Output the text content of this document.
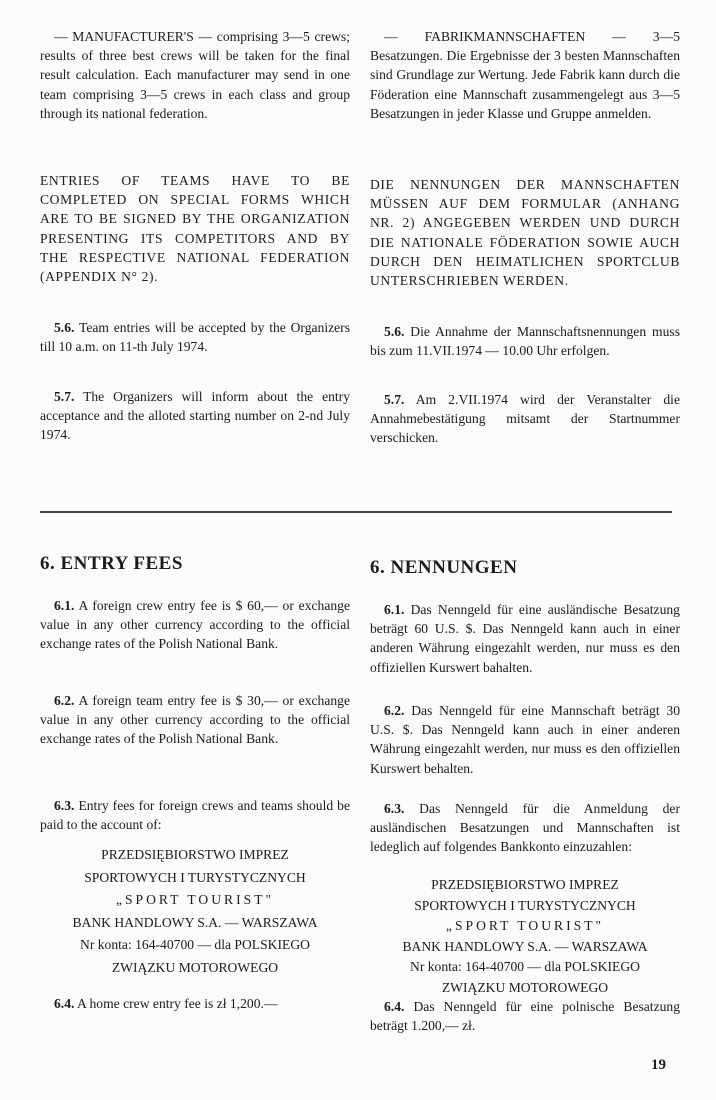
— MANUFACTURER'S — comprising 3—5 crews; results of three best crews will be taken for the final result calculation. Each manufacturer may send in one team comprising 3—5 crews in each class and group through its national federation.

ENTRIES OF TEAMS HAVE TO BE COMPLETED ON SPECIAL FORMS WHICH ARE TO BE SIGNED BY THE ORGANIZATION PRESENTING ITS COMPETITORS AND BY THE RESPECTIVE NATIONAL FEDERATION (APPENDIX N° 2).

5.6. Team entries will be accepted by the Organizers till 10 a.m. on 11-th July 1974.

5.7. The Organizers will inform about the entry acceptance and the alloted starting number on 2-nd July 1974.

— FABRIKMANNSCHAFTEN — 3—5 Besatzungen. Die Ergebnisse der 3 besten Mannschaften sind Grundlage zur Wertung. Jede Fabrik kann durch die Föderation eine Mannschaft zusammengelegt aus 3—5 Besatzungen in jeder Klasse und Gruppe anmelden.

DIE NENNUNGEN DER MANNSCHAFTEN MÜSSEN AUF DEM FORMULAR (ANHANG NR. 2) ANGEGEBEN WERDEN UND DURCH DIE NATIONALE FÖDERATION SOWIE AUCH DURCH DEN HEIMATLICHEN SPORTCLUB UNTERSCHRIEBEN WERDEN.

5.6. Die Annahme der Mannschaftsnennungen muss bis zum 11.VII.1974 — 10.00 Uhr erfolgen.

5.7. Am 2.VII.1974 wird der Veranstalter die Annahmebestätigung mitsamt der Startnummer verschicken.

6. ENTRY FEES

6.1. A foreign crew entry fee is $ 60,— or exchange value in any other currency according to the official exchange rates of the Polish National Bank.

6.2. A foreign team entry fee is $ 30,— or exchange value in any other currency according to the official exchange rates of the Polish National Bank.

6.3. Entry fees for foreign crews and teams should be paid to the account of:

PRZEDSIĘBIORSTWO IMPREZ
SPORTOWYCH I TURYSTYCZNYCH
„SPORT TOURIST"
BANK HANDLOWY S.A. — WARSZAWA
Nr konta: 164-40700 — dla POLSKIEGO
ZWIĄZKU MOTOROWEGO

6.4. A home crew entry fee is zł 1,200.—

6. NENNUNGEN

6.1. Das Nenngeld für eine ausländische Besatzung beträgt 60 U.S. $. Das Nenngeld kann auch in einer anderen Währung eingezahlt werden, nur muss es den offiziellen Kurswert bahalten.

6.2. Das Nenngeld für eine Mannschaft beträgt 30 U.S. $. Das Nenngeld kann auch in einer anderen Währung eingezahlt werden, nur muss es den offiziellen Kurswert behalten.

6.3. Das Nenngeld für die Anmeldung der ausländischen Besatzungen und Mannschaften ist ledeglich auf folgendes Bankkonto einzuzahlen:

PRZEDSIĘBIORSTWO IMPREZ
SPORTOWYCH I TURYSTYCZNYCH
„SPORT TOURIST"
BANK HANDLOWY S.A. — WARSZAWA
Nr konta: 164-40700 — dla POLSKIEGO
ZWIĄZKU MOTOROWEGO

6.4. Das Nenngeld für eine polnische Besatzung beträgt 1.200,— zł.

19
